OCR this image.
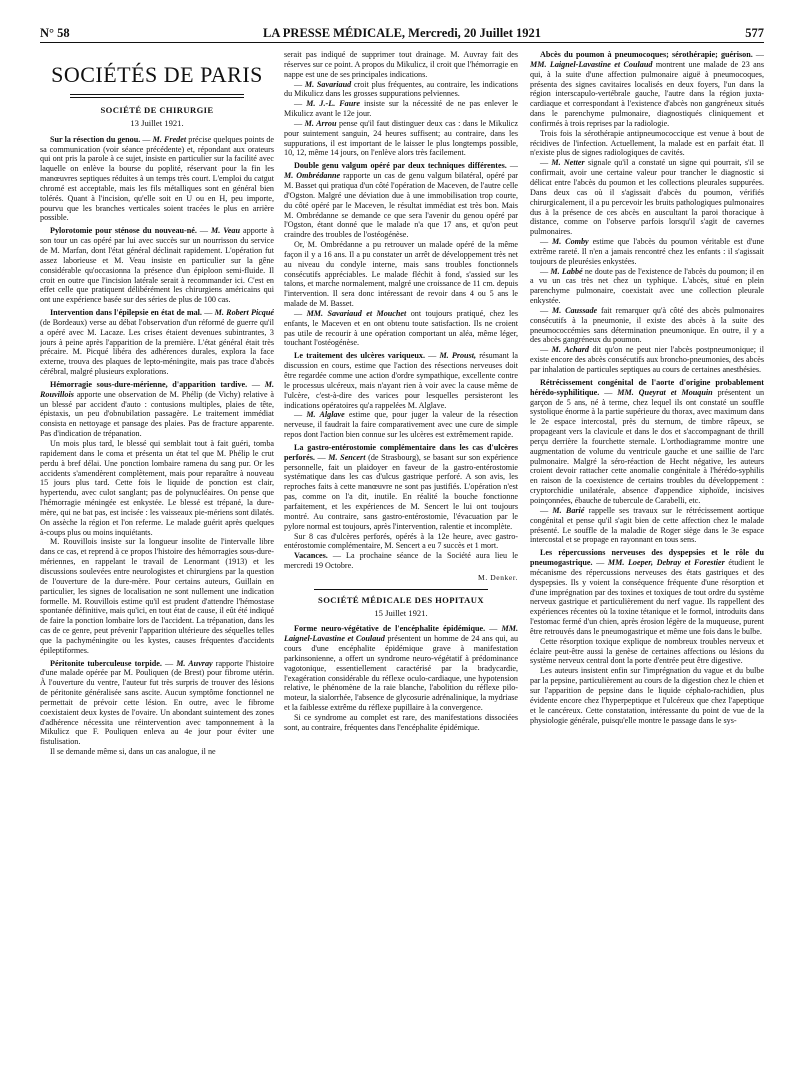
N° 58	LA PRESSE MÉDICALE, Mercredi, 20 Juillet 1921	577
SOCIÉTÉS DE PARIS
SOCIÉTÉ DE CHIRURGIE
13 Juillet 1921.

Sur la résection du genou. — M. Fredet précise quelques points de sa communication (voir séance précédente) et, répondant aux orateurs qui ont pris la parole à ce sujet, insiste en particulier sur la facilité avec laquelle on enlève la bourse du poplité, réservant pour la fin les manœuvres septiques réduites à un temps très court. L'emploi du catgut chromé est acceptable, mais les fils métalliques sont en général bien tolérés. Quant à l'incision, qu'elle soit en U ou en H, peu importe, pourvu que les branches verticales soient tracées le plus en arrière possible.

Pylorotomie pour sténose du nouveau-né. — M. Veau apporte à son tour un cas opéré par lui avec succès sur un nourrisson du service de M. Marfan, dont l'état général déclinait rapidement. L'opération fut assez laborieuse et M. Veau insiste en particulier sur la gêne considérable qu'occasionna la présence d'un épiploon semi-fluide. Il croit en outre que l'incision latérale serait à recommander ici. C'est en effet celle que pratiquent délibérément les chirurgiens américains qui ont une expérience basée sur des séries de plus de 100 cas.

Intervention dans l'épilepsie en état de mal. — M. Robert Picqué (de Bordeaux) verse au débat l'observation d'un réformé de guerre qu'il a opéré avec M. Lacaze. Les crises étaient devenues subintrantes, 3 jours à peine après l'apparition de la première. L'état général était très précaire. M. Picqué libéra des adhérences durales, explora la face externe, trouva des plaques de lepto-méningite, mais pas trace d'abcès cérébral, malgré plusieurs explorations.

Hémorragie sous-dure-mérienne, d'apparition tardive. — M. Rouvillois apporte une observation de M. Phélip (de Vichy) relative à un blessé par accident d'auto : contusions multiples, plaies de tête, épistaxis, un peu d'obnubilation passagère. Le traitement immédiat consista en nettoyage et pansage des plaies. Pas de fracture apparente. Pas d'indication de trépanation.

Un mois plus tard, le blessé qui semblait tout à fait guéri, tomba rapidement dans le coma et présenta un état tel que M. Phélip le crut perdu à bref délai. Une ponction lombaire ramena du sang pur. Or les accidents s'amendèrent complètement, mais pour reparaître à nouveau 15 jours plus tard. Cette fois le liquide de ponction est clair, hypertendu, avec culot sanglant; pas de polynucléaires. On pense que l'hémorragie méningée est enkystée. Le blessé est trépané, la dure-mère, qui ne bat pas, est incisée : les vaisseaux pie-mériens sont dilatés. On assèche la région et l'on referme. Le malade guérit après quelques à-coups plus ou moins inquiétants.

M. Rouvillois insiste sur la longueur insolite de l'intervalle libre dans ce cas, et reprend à ce propos l'histoire des hémorragies sous-dure-mériennes, en rappelant le travail de Lenormant (1913) et les discussions soulevées entre neurologistes et chirurgiens par la question de l'ouverture de la dure-mère. Pour certains auteurs, Guillain en particulier, les signes de localisation ne sont nullement une indication formelle. M. Rouvillois estime qu'il est prudent d'attendre l'hémostase spontanée définitive, mais qu'ici, en tout état de cause, il eût été indiqué de faire la ponction lombaire lors de l'accident. La trépanation, dans les cas de ce genre, peut prévenir l'apparition ultérieure des séquelles telles que la pachyméningite ou les kystes, causes fréquentes d'accidents épileptiformes.

Péritonite tuberculeuse torpide. — M. Auvray rapporte l'histoire d'une malade opérée par M. Pouliquen (de Brest) pour fibrome utérin. À l'ouverture du ventre, l'auteur fut très surpris de trouver des lésions de péritonite généralisée sans ascite. Aucun symptôme fonctionnel ne permettait de prévoir cette lésion. En outre, avec le fibrome coexistaient deux kystes de l'ovaire. Un abondant suintement des zones d'adhérence nécessita une réintervention avec tamponnement à la Mikulicz que F. Pouliquen enleva au 4e jour pour éviter une fistulisation.

Il se demande même si, dans un cas analogue, il ne

serait pas indiqué de supprimer tout drainage. M. Auvray fait des réserves sur ce point. A propos du Mikulicz, il croit que l'hémorragie en nappe est une de ses principales indications.

— M. Savariaud croit plus fréquentes, au contraire, les indications du Mikulicz dans les grosses suppurations pelviennes.

— M. J.-L. Faure insiste sur la nécessité de ne pas enlever le Mikulicz avant le 12e jour.

— M. Arrou pense qu'il faut distinguer deux cas : dans le Mikulicz pour suintement sanguin, 24 heures suffisent; au contraire, dans les suppurations, il est important de le laisser le plus longtemps possible, 10, 12, même 14 jours, on l'enlève alors très facilement.

Double genu valgum opéré par deux techniques différentes. — M. Ombrédanne rapporte un cas de genu valgum bilatéral, opéré par M. Basset qui pratiqua d'un côté l'opération de Maceven, de l'autre celle d'Ogston. Malgré une déviation due à une immobilisation trop courte, du côté opéré par le Maceven, le résultat immédiat est très bon. Mais M. Ombrédanne se demande ce que sera l'avenir du genou opéré par l'Ogston, étant donné que le malade n'a que 17 ans, et qu'on peut craindre des troubles de l'ostéogénèse.

Or, M. Ombrédanne a pu retrouver un malade opéré de la même façon il y a 16 ans. Il a pu constater un arrêt de développement très net au niveau du condyle interne, mais sans troubles fonctionnels consécutifs appréciables. Le malade fléchit à fond, s'assied sur les talons, et marche normalement, malgré une croissance de 11 cm. depuis l'intervention. Il sera donc intéressant de revoir dans 4 ou 5 ans le malade de M. Basset.

— MM. Savariaud et Mouchet ont toujours pratiqué, chez les enfants, le Maceven et en ont obtenu toute satisfaction. Ils ne croient pas utile de recourir à une opération comportant un aléa, même léger, touchant l'ostéogénèse.

Le traitement des ulcères variqueux. — M. Proust, résumant la discussion en cours, estime que l'action des résections nerveuses doit être regardée comme une action d'ordre sympathique, excellente contre le processus ulcéreux, mais n'ayant rien à voir avec la cause même de l'ulcère, c'est-à-dire des varices pour lesquelles persisteront les indications opératoires qu'a rappelées M. Alglave.

— M. Alglave estime que, pour juger la valeur de la résection nerveuse, il faudrait la faire comparativement avec une cure de simple repos dont l'action bien connue sur les ulcères est extrêmement rapide.

La gastro-entérostomie complémentaire dans les cas d'ulcères perforés. — M. Sencert (de Strasbourg), se basant sur son expérience personnelle, fait un plaidoyer en faveur de la gastro-entérostomie systématique dans les cas d'ulcus gastrique perforé. A son avis, les reproches faits à cette manœuvre ne sont pas justifiés. L'opération n'est pas, comme on l'a dit, inutile. En réalité la bouche fonctionne parfaitement, et les expériences de M. Sencert le lui ont toujours montré. Au contraire, sans gastro-entérostomie, l'évacuation par le pylore normal est toujours, après l'intervention, ralentie et incomplète.

Sur 8 cas d'ulcères perforés, opérés à la 12e heure, avec gastro-entérostomie complémentaire, M. Sencert a eu 7 succès et 1 mort.

Vacances. — La prochaine séance de la Société aura lieu le mercredi 19 Octobre.

M. Denker.
SOCIÉTÉ MÉDICALE DES HOPITAUX
15 Juillet 1921.

Forme neuro-végétative de l'encéphalite épidémique. — MM. Laignel-Lavastine et Coulaud présentent un homme de 24 ans qui, au cours d'une encéphalite épidémique grave à manifestation parkinsonienne, a offert un syndrome neuro-végétatif à prédominance vagotonique, essentiellement caractérisé par la bradycardie, l'exagération considérable du réflexe oculo-cardiaque, une hypotension relative, le phénomène de la raie blanche, l'abolition du réflexe pilo-moteur, la sialorrhée, l'absence de glycosurie adrénalinique, la mydriase et la faiblesse extrême du réflexe pupillaire à la convergence.

Si ce syndrome au complet est rare, des manifestations dissociées sont, au contraire, fréquentes dans l'encéphalite épidémique.

Abcès du poumon à pneumocoques; sérothérapie; guérison. — MM. Laignel-Lavastine et Coulaud montrent une malade de 23 ans qui, à la suite d'une affection pulmonaire aiguë à pneumocoques, présenta des signes cavitaires localisés en deux foyers, l'un dans la région interscapulo-vertébrale gauche, l'autre dans la région juxta-cardiaque et correspondant à l'existence d'abcès non gangréneux situés dans le parenchyme pulmonaire, diagnostiqués cliniquement et confirmés à trois reprises par la radiologie.

Trois fois la sérothérapie antipneumococcique est venue à bout de récidives de l'infection. Actuellement, la malade est en parfait état. Il n'existe plus de signes radiologiques de cavités.

— M. Netter signale qu'il a constaté un signe qui pourrait, s'il se confirmait, avoir une certaine valeur pour trancher le diagnostic si délicat entre l'abcès du poumon et les collections pleurales suppurées. Dans deux cas où il s'agissait d'abcès du poumon, vérifiés chirurgicalement, il a pu percevoir les bruits pathologiques pulmonaires dus à la présence de ces abcès en auscultant la paroi thoracique à distance, comme on l'observe parfois lorsqu'il s'agit de cavernes pulmonaires.

— M. Comby estime que l'abcès du poumon véritable est d'une extrême rareté. Il n'en a jamais rencontré chez les enfants : il s'agissait toujours de pleurésies enkystées.

— M. Labbé ne doute pas de l'existence de l'abcès du poumon; il en a vu un cas très net chez un typhique. L'abcès, situé en plein parenchyme pulmonaire, coexistait avec une collection pleurale enkystée.

— M. Caussade fait remarquer qu'à côté des abcès pulmonaires consécutifs à la pneumonie, il existe des abcès à la suite des pneumococcémies sans détermination pneumonique. En outre, il y a des abcès gangréneux du poumon.

— M. Achard dit qu'on ne peut nier l'abcès postpneumonique; il existe encore des abcès consécutifs aux broncho-pneumonies, des abcès par inhalation de particules septiques au cours de certaines anesthésies.

Rétrécissement congénital de l'aorte d'origine probablement hérédo-syphilitique. — MM. Queyrat et Mouquin présentent un garçon de 5 ans, né à terme, chez lequel ils ont constaté un souffle systolique énorme à la partie supérieure du thorax, avec maximum dans le 2e espace intercostal, près du sternum, de timbre râpeux, se propageant vers la clavicule et dans le dos et s'accompagnant de thrill perçu derrière la fourchette sternale. L'orthodiagramme montre une augmentation de volume du ventricule gauche et une saillie de l'arc pulmonaire. Malgré la séro-réaction de Hecht négative, les auteurs croient devoir rattacher cette anomalie congénitale à l'hérédo-syphilis en raison de la coexistence de certains troubles du développement : cryptorchidie unilatérale, absence d'appendice xiphoïde, incisives poinçonnées, ébauche de tubercule de Carabelli, etc.

— M. Barié rappelle ses travaux sur le rétrécissement aortique congénital et pense qu'il s'agit bien de cette affection chez le malade présenté. Le souffle de la maladie de Roger siège dans le 3e espace intercostal et se propage en rayonnant en tous sens.

Les répercussions nerveuses des dyspepsies et le rôle du pneumogastrique. — MM. Loeper, Debray et Forestier étudient le mécanisme des répercussions nerveuses des états gastriques et des dyspepsies. Ils y voient la conséquence fréquente d'une résorption et d'une imprégnation par des toxines et toxiques de tout ordre du système nerveux gastrique et particulièrement du nerf vague. Ils rappellent des expériences récentes où la toxine tétanique et le formol, introduits dans l'estomac fermé d'un chien, après érosion légère de la muqueuse, purent être retrouvés dans le pneumogastrique et même une fois dans le bulbe.

Cette résorption toxique explique de nombreux troubles nerveux et éclaire peut-être aussi la genèse de certaines affections ou lésions du système nerveux central dont la porte d'entrée peut être digestive.

Les auteurs insistent enfin sur l'imprégnation du vague et du bulbe par la pepsine, particulièrement au cours de la digestion chez le chien et sur l'apparition de pepsine dans le liquide céphalo-rachidien, plus évidente encore chez l'hyperpeptique et l'ulcéreux que chez l'apeptique et le cancéreux. Cette constatation, intéressante du point de vue de la physiologie générale, puisqu'elle montre le passage dans le sys-
